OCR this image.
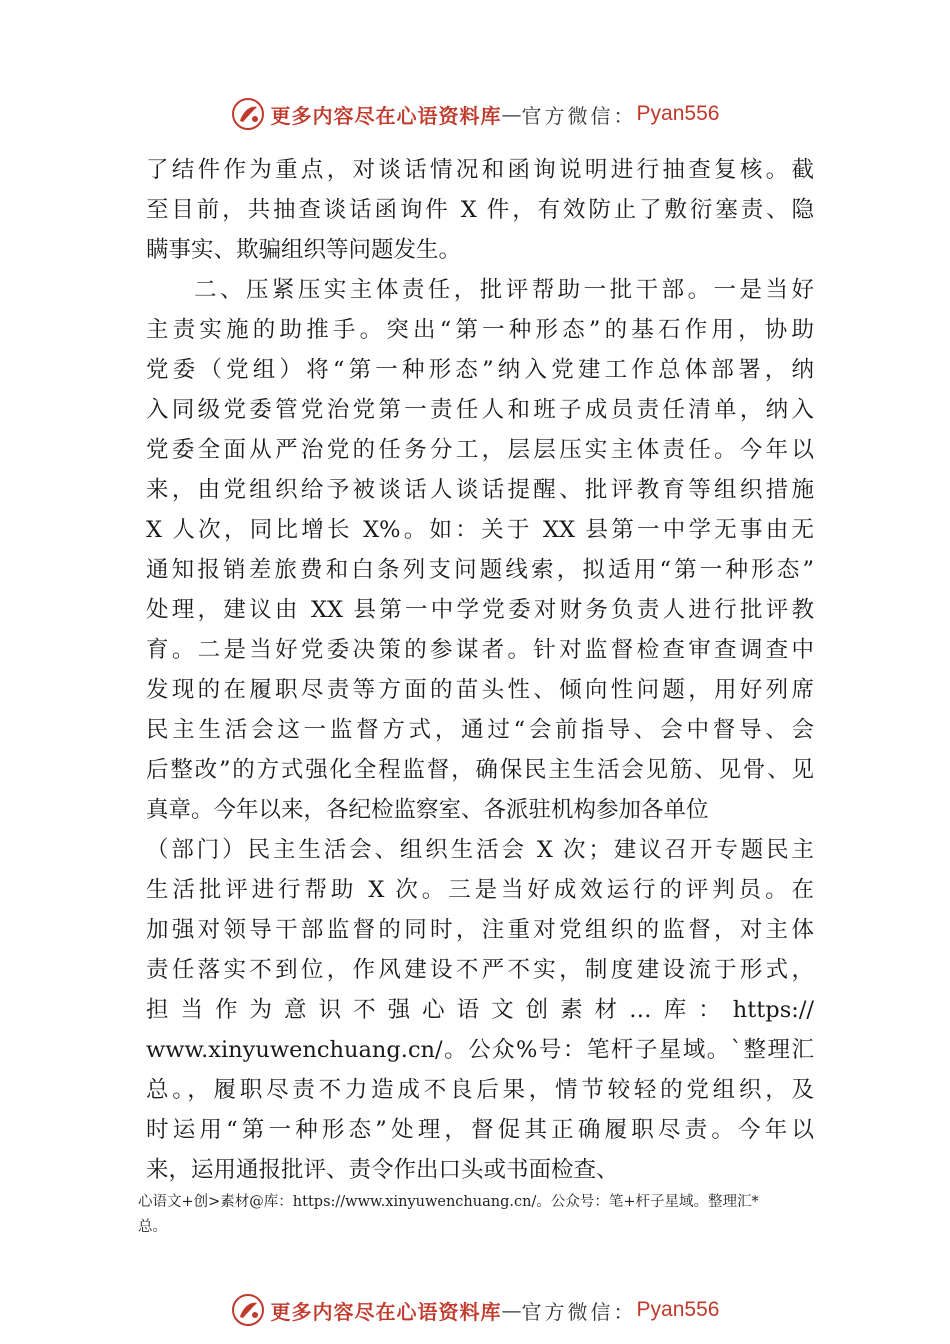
更多内容尽在心语资料库 — 官方微信： Pyan556
了结件作为重点，对谈话情况和函询说明进行抽查复核。截
至目前，共抽查谈话函询件 X 件，有效防止了敷衍塞责、隐
瞒事实、欺骗组织等问题发生。
二、压紧压实主体责任，批评帮助一批干部。一是当好
主责实施的助推手。突出“第一种形态”的基石作用，协助
党委（党组）将“第一种形态”纳入党建工作总体部署，纳
入同级党委管党治党第一责任人和班子成员责任清单，纳入
党委全面从严治党的任务分工，层层压实主体责任。今年以
来，由党组织给予被谈话人谈话提醒、批评教育等组织措施
X 人次，同比增长 X%。如：关于 XX 县第一中学无事由无
通知报销差旅费和白条列支问题线索，拟适用“第一种形态”
处理，建议由 XX 县第一中学党委对财务负责人进行批评教
育。二是当好党委决策的参谋者。针对监督检查审查调查中
发现的在履职尽责等方面的苗头性、倾向性问题，用好列席
民主生活会这一监督方式，通过“会前指导、会中督导、会
后整改”的方式强化全程监督，确保民主生活会见筋、见骨、见
真章。今年以来，各纪检监察室、各派驻机构参加各单位
（部门）民主生活会、组织生活会 X 次；建议召开专题民主
生活批评进行帮助 X 次。三是当好成效运行的评判员。在
加强对领导干部监督的同时，注重对党组织的监督，对主体
责任落实不到位，作风建设不严不实，制度建设流于形式，
担当作为意识不强心语文创素材…库：https://
www.xinyuwenchuang.cn/。公众%号：笔杆子星域。`整理汇
总。，履职尽责不力造成不良后果，情节较轻的党组织，及
时运用“第一种形态”处理，督促其正确履职尽责。今年以
来，运用通报批评、责令作出口头或书面检查、
心语文+创>素材@库：https://www.xinyuwenchuang.cn/。公众号：笔+杆子星域。整理汇*
总。
更多内容尽在心语资料库 — 官方微信： Pyan556
